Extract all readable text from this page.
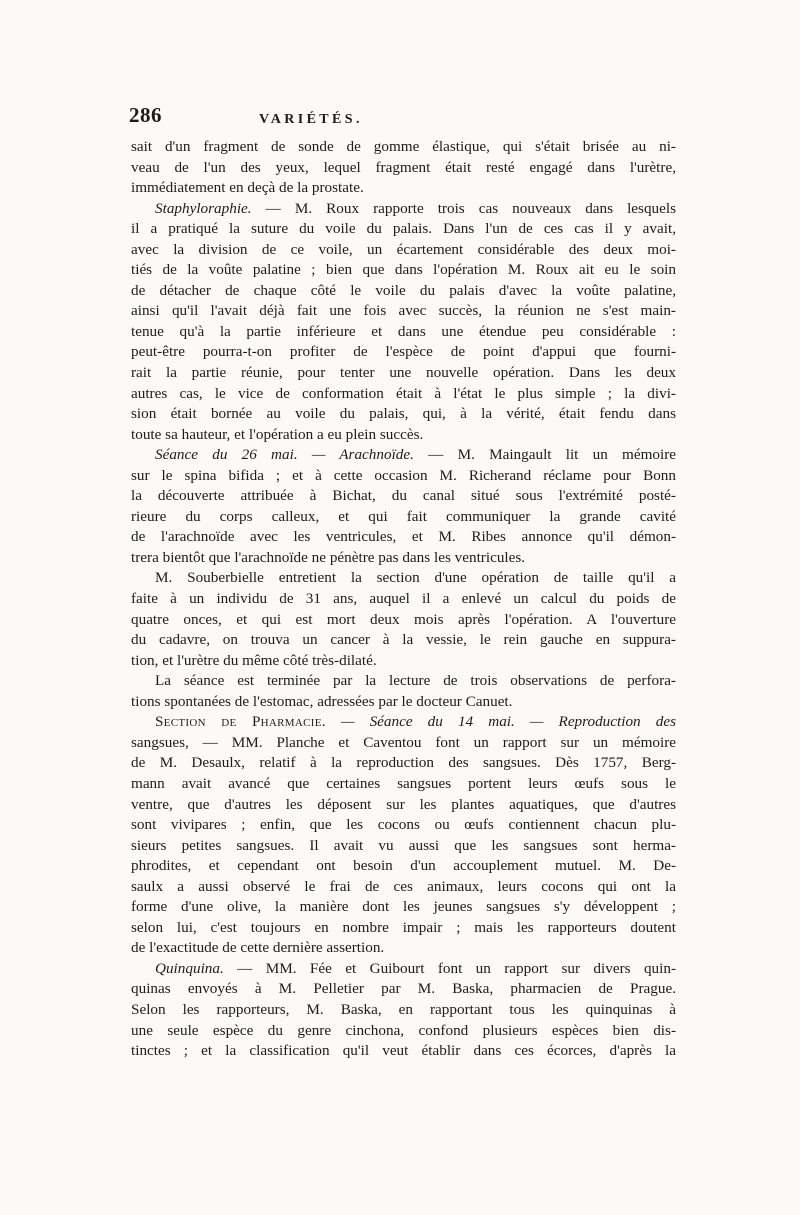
286	VARIÉTÉS.

sait d'un fragment de sonde de gomme élastique, qui s'était brisée au ni-
veau de l'un des yeux, lequel fragment était resté engagé dans l'urètre,
immédiatement en deçà de la prostate.

Staphyloraphie. — M. Roux rapporte trois cas nouveaux dans lesquels
il a pratiqué la suture du voile du palais. Dans l'un de ces cas il y avait,
avec la division de ce voile, un écartement considérable des deux moi-
tiés de la voûte palatine ; bien que dans l'opération M. Roux ait eu le soin
de détacher de chaque côté le voile du palais d'avec la voûte palatine,
ainsi qu'il l'avait déjà fait une fois avec succès, la réunion ne s'est main-
tenue qu'à la partie inférieure et dans une étendue peu considérable :
peut-être pourra-t-on profiter de l'espèce de point d'appui que fourni-
rait la partie réunie, pour tenter une nouvelle opération. Dans les deux
autres cas, le vice de conformation était à l'état le plus simple ; la divi-
sion était bornée au voile du palais, qui, à la vérité, était fendu dans
toute sa hauteur, et l'opération a eu plein succès.

Séance du 26 mai. — Arachnoïde. — M. Maingault lit un mémoire
sur le spina bifida ; et à cette occasion M. Richerand réclame pour Bonn
la découverte attribuée à Bichat, du canal situé sous l'extrémité posté-
rieure du corps calleux, et qui fait communiquer la grande cavité
de l'arachnoïde avec les ventricules, et M. Ribes annonce qu'il démon-
trera bientôt que l'arachnoïde ne pénètre pas dans les ventricules.

M. Souberbielle entretient la section d'une opération de taille qu'il a
faite à un individu de 31 ans, auquel il a enlevé un calcul du poids de
quatre onces, et qui est mort deux mois après l'opération. A l'ouverture
du cadavre, on trouva un cancer à la vessie, le rein gauche en suppura-
tion, et l'urètre du même côté très-dilaté.

La séance est terminée par la lecture de trois observations de perfora-
tions spontanées de l'estomac, adressées par le docteur Canuet.

Section de Pharmacie. — Séance du 14 mai. — Reproduction des
sangsues, — MM. Planche et Caventou font un rapport sur un mémoire
de M. Desaulx, relatif à la reproduction des sangsues. Dès 1757, Berg-
mann avait avancé que certaines sangsues portent leurs œufs sous le
ventre, que d'autres les déposent sur les plantes aquatiques, que d'autres
sont vivipares ; enfin, que les cocons ou œufs contiennent chacun plu-
sieurs petites sangsues. Il avait vu aussi que les sangsues sont herma-
phrodites, et cependant ont besoin d'un accouplement mutuel. M. De-
saulx a aussi observé le frai de ces animaux, leurs cocons qui ont la
forme d'une olive, la manière dont les jeunes sangsues s'y développent ;
selon lui, c'est toujours en nombre impair ; mais les rapporteurs doutent
de l'exactitude de cette dernière assertion.

Quinquina. — MM. Fée et Guibourt font un rapport sur divers quin-
quinas envoyés à M. Pelletier par M. Baska, pharmacien de Prague.
Selon les rapporteurs, M. Baska, en rapportant tous les quinquinas à
une seule espèce du genre cinchona, confond plusieurs espèces bien dis-
tinctes ; et la classification qu'il veut établir dans ces écorces, d'après la
